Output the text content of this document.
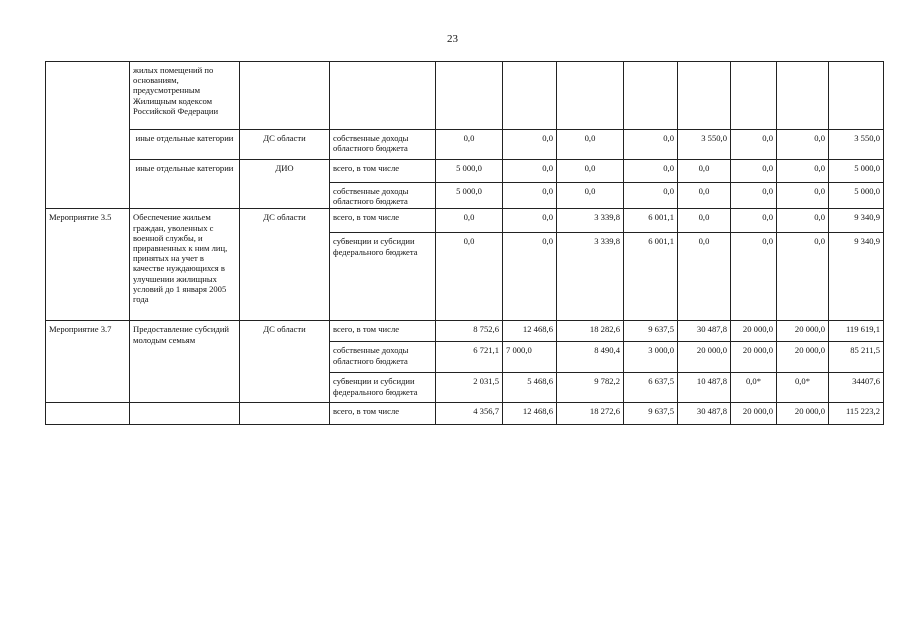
23
	жилых помещений по основаниям, предусмотренным Жилищным кодексом Российской Федерации										
	иные отдельные категории	ДС области	собственные доходы областного бюджета	0,0	0,0	0,0	0,0	3 550,0	0,0	0,0	3 550,0
	иные отдельные категории	ДИО	всего, в том числе	5 000,0	0,0	0,0	0,0	0,0	0,0	0,0	5 000,0
			собственные доходы областного бюджета	5 000,0	0,0	0,0	0,0	0,0	0,0	0,0	5 000,0
Мероприятие 3.5	Обеспечение жильем граждан, уволенных с военной службы, и приравненных к ним лиц, принятых на учет в качестве нуждающихся в улучшении жилищных условий до 1 января 2005 года	ДС области	всего, в том числе	0,0	0,0	3 339,8	6 001,1	0,0	0,0	0,0	9 340,9
			субвенции и субсидии федерального бюджета	0,0	0,0	3 339,8	6 001,1	0,0	0,0	0,0	9 340,9
Мероприятие 3.7	Предоставление субсидий молодым семьям	ДС области	всего, в том числе	8 752,6	12 468,6	18 282,6	9 637,5	30 487,8	20 000,0	20 000,0	119 619,1
			собственные доходы областного бюджета	6 721,1	7 000,0	8 490,4	3 000,0	20 000,0	20 000,0	20 000,0	85 211,5
			субвенции и субсидии федерального бюджета	2 031,5	5 468,6	9 782,2	6 637,5	10 487,8	0,0*	0,0*	34407,6
			всего, в том числе	4 356,7	12 468,6	18 272,6	9 637,5	30 487,8	20 000,0	20 000,0	115 223,2
